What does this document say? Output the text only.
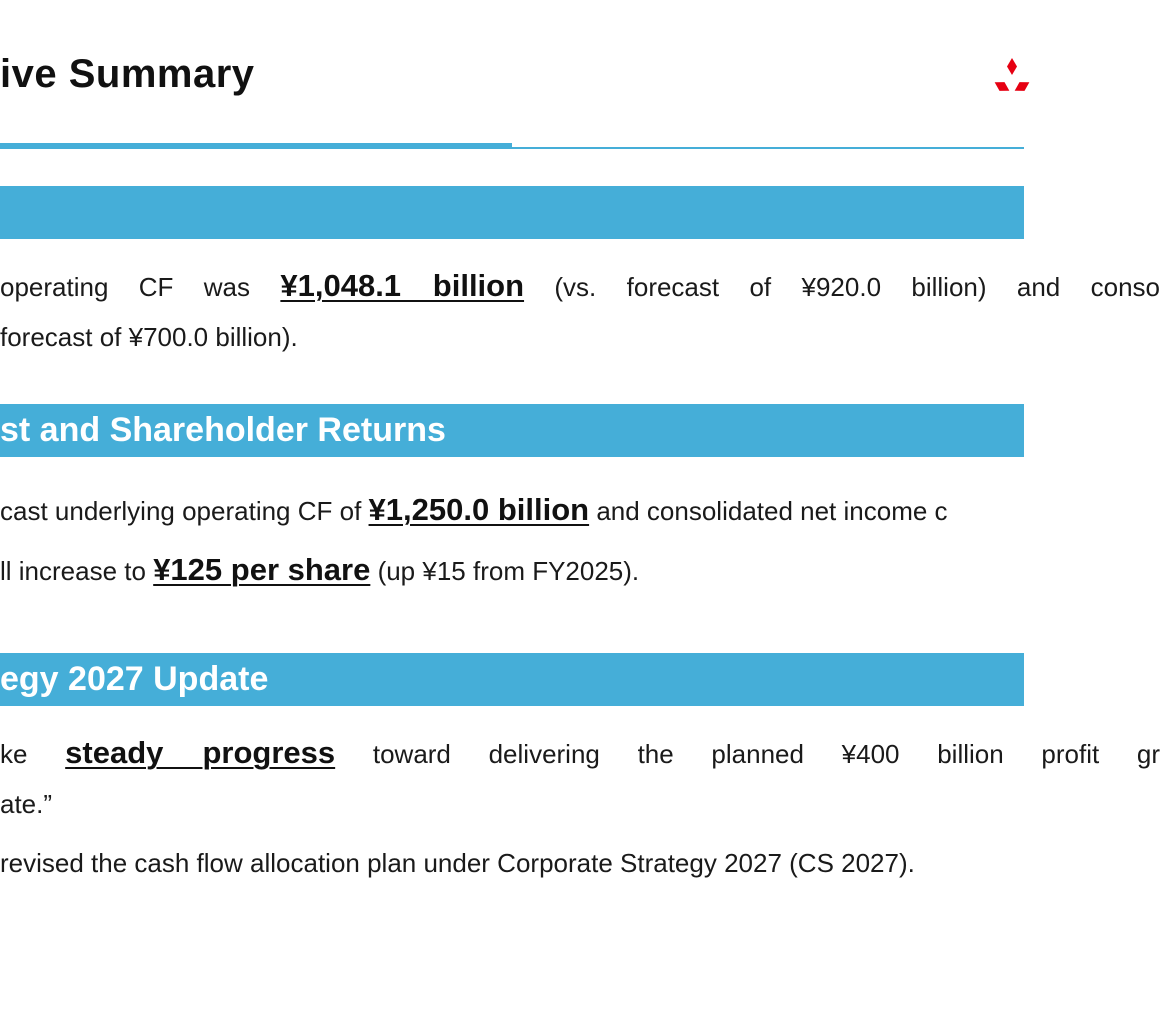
ive Summary
operating CF was ¥1,048.1 billion (vs. forecast of ¥920.0 billion) and conso
forecast of ¥700.0 billion).
st and Shareholder Returns
cast underlying operating CF of ¥1,250.0 billion and consolidated net income c
ll increase to ¥125 per share (up ¥15 from FY2025).
egy 2027 Update
ke steady progress toward delivering the planned ¥400 billion profit gr
ate.”
revised the cash flow allocation plan under Corporate Strategy 2027 (CS 2027).
